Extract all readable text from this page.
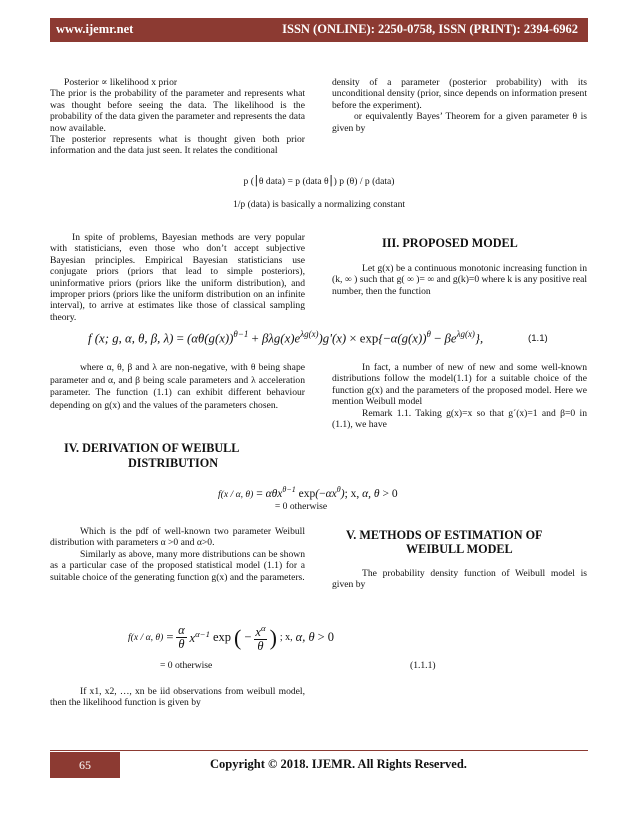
www.ijemr.net	ISSN (ONLINE): 2250-0758, ISSN (PRINT): 2394-6962

Posterior ∝ likelihood x prior

The prior is the probability of the parameter and represents what was thought before seeing the data. The likelihood is the probability of the data given the parameter and represents the data now available.

The posterior represents what is thought given both prior information and the data just seen. It relates the conditional

density of a parameter (posterior probability) with its unconditional density (prior, since depends on information present before the experiment).

or equivalently Bayes’ Theorem for a given parameter θ is given by

p (⎮θ data) = p (data θ⎮) p (θ) / p (data)
1/p (data) is basically a normalizing constant

In spite of problems, Bayesian methods are very popular with statisticians, even those who don’t accept subjective Bayesian principles. Empirical Bayesian statisticians use conjugate priors (priors that lead to simple posteriors), uninformative priors (priors like the uniform distribution), and improper priors (priors like the uniform distribution on an infinite interval), to arrive at estimates like those of classical sampling theory.

III. PROPOSED MODEL

Let g(x) be a continuous monotonic increasing function in (k, ∞ ) such that g( ∞ )= ∞ and g(k)=0 where k is any positive real number, then the function

f (x; g, α, θ, β, $\lambda) = (\alpha\theta(g(x))^{\theta-1} + \beta\lambda g(x)e^{\lambda g(x)})g'(x) \times \exp\{-\alpha(g(x))^\theta - \beta e^{\lambda g(x)}\}$,	(1.1)

where α, θ, β and λ are non-negative, with θ being shape parameter and α, and β being scale parameters and λ acceleration parameter. The function (1.1) can exhibit different behaviour depending on g(x) and the values of the parameters chosen.

In fact, a number of new of new and some well-known distributions follow the model(1.1) for a suitable choice of the function g(x) and the parameters of the proposed model. Here we mention Weibull model

Remark 1.1. Taking g(x)=x so that g´(x)=1 and β=0 in (1.1), we have

IV. DERIVATION OF WEIBULL
DISTRIBUTION
f(x / α, θ) = αθx$^{\theta-1}$ $\exp(-\alpha x^\theta)$; x, α, θ > 0
= 0 otherwise

Which is the pdf of well-known two parameter Weibull distribution with parameters α >0 and α>0.

Similarly as above, many more distributions can be shown as a particular case of the proposed statistical model (1.1) for a suitable choice of the generating function g(x) and the parameters.

V. METHODS OF ESTIMATION OF
WEIBULL MODEL

The probability density function of Weibull model is given by

f(x / α, $\theta) = \frac{\alpha}{\theta} x^{\alpha-1}$ exp ( − $\frac{x^\alpha}{\theta}$ ) ; x, α, θ > 0
= 0 otherwise	(1.1.1)

If x1, x2, …, xn be iid observations from weibull model, then the likelihood function is given by

65	Copyright © 2018. IJEMR. All Rights Reserved.
